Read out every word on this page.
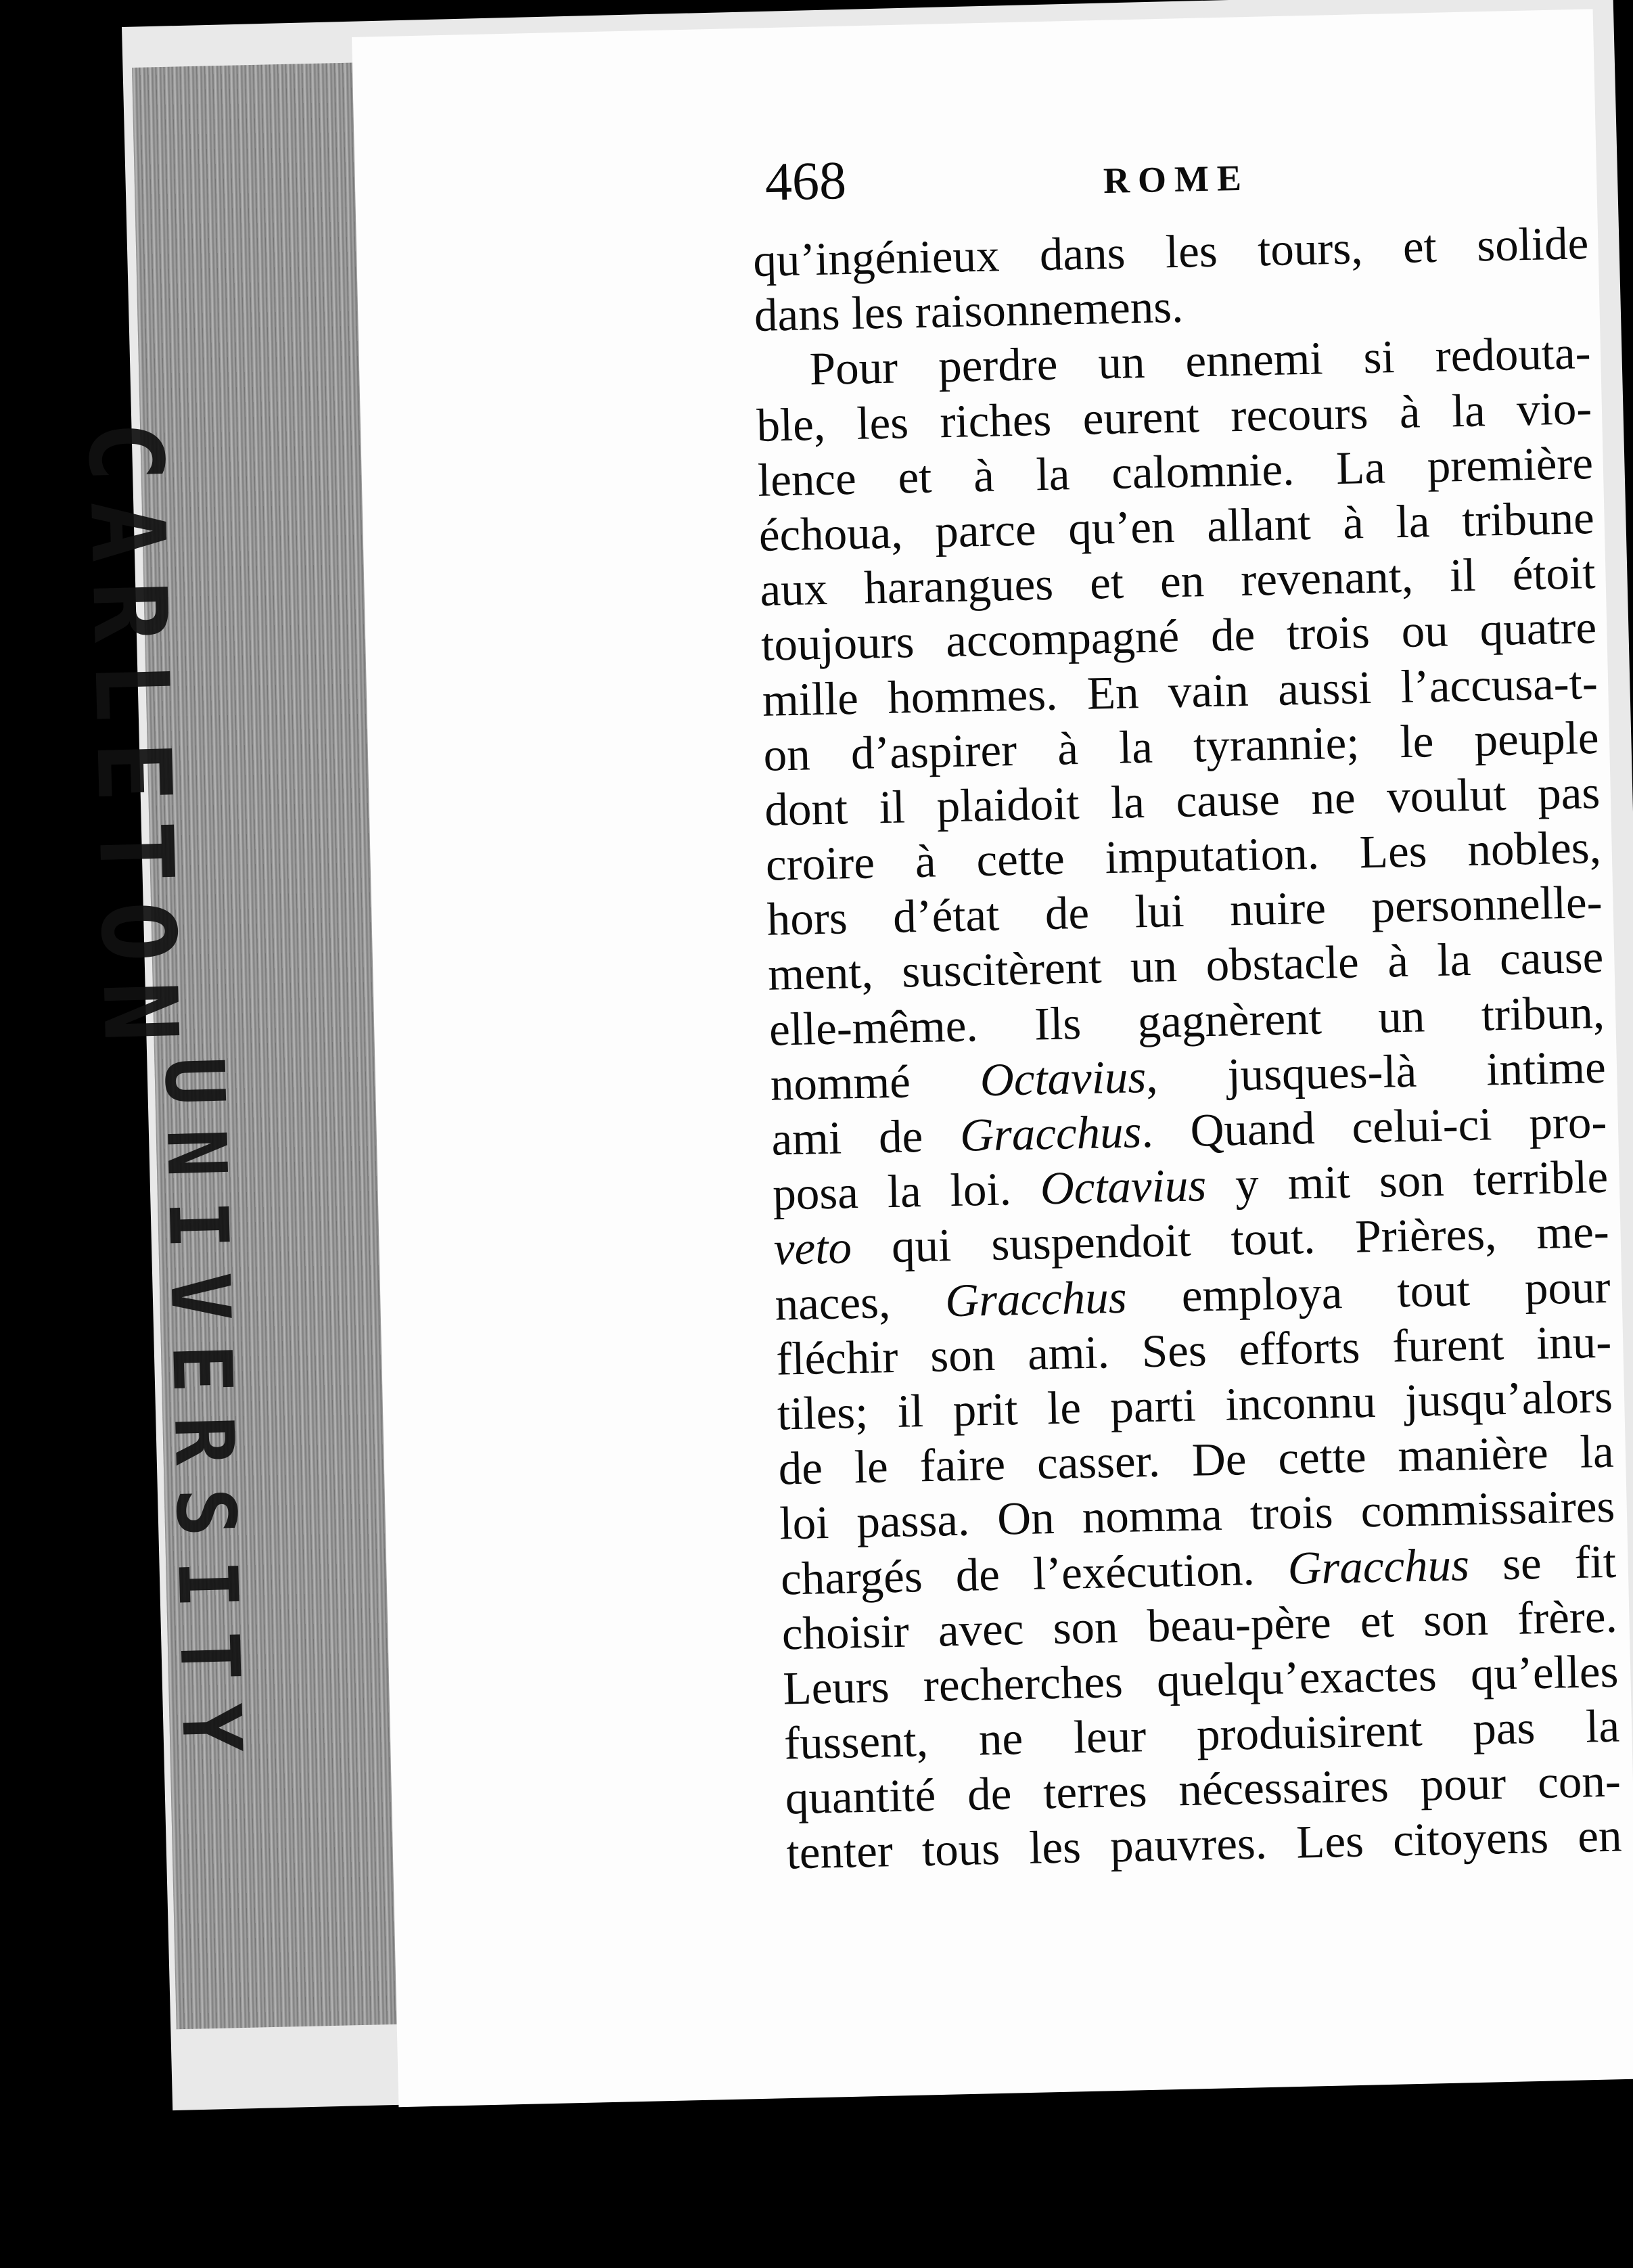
CARLETON
UNIVERSITY
468	ROME
qu’ingénieux dans les tours, et solide
dans les raisonnemens.
Pour perdre un ennemi si redouta-
ble, les riches eurent recours à la vio-
lence et à la calomnie. La première
échoua, parce qu’en allant à la tribune
aux harangues et en revenant, il étoit
toujours accompagné de trois ou quatre
mille hommes. En vain aussi l’accusa-t-
on d’aspirer à la tyrannie; le peuple
dont il plaidoit la cause ne voulut pas
croire à cette imputation. Les nobles,
hors d’état de lui nuire personnelle-
ment, suscitèrent un obstacle à la cause
elle-même. Ils gagnèrent un tribun,
nommé Octavius, jusques-là intime
ami de Gracchus. Quand celui-ci pro-
posa la loi. Octavius y mit son terrible
veto qui suspendoit tout. Prières, me-
naces, Gracchus employa tout pour
fléchir son ami. Ses efforts furent inu-
tiles; il prit le parti inconnu jusqu’alors
de le faire casser. De cette manière la
loi passa. On nomma trois commissaires
chargés de l’exécution. Gracchus se fit
choisir avec son beau-père et son frère.
Leurs recherches quelqu’exactes qu’elles
fussent, ne leur produisirent pas la
quantité de terres nécessaires pour con-
tenter tous les pauvres. Les citoyens en
